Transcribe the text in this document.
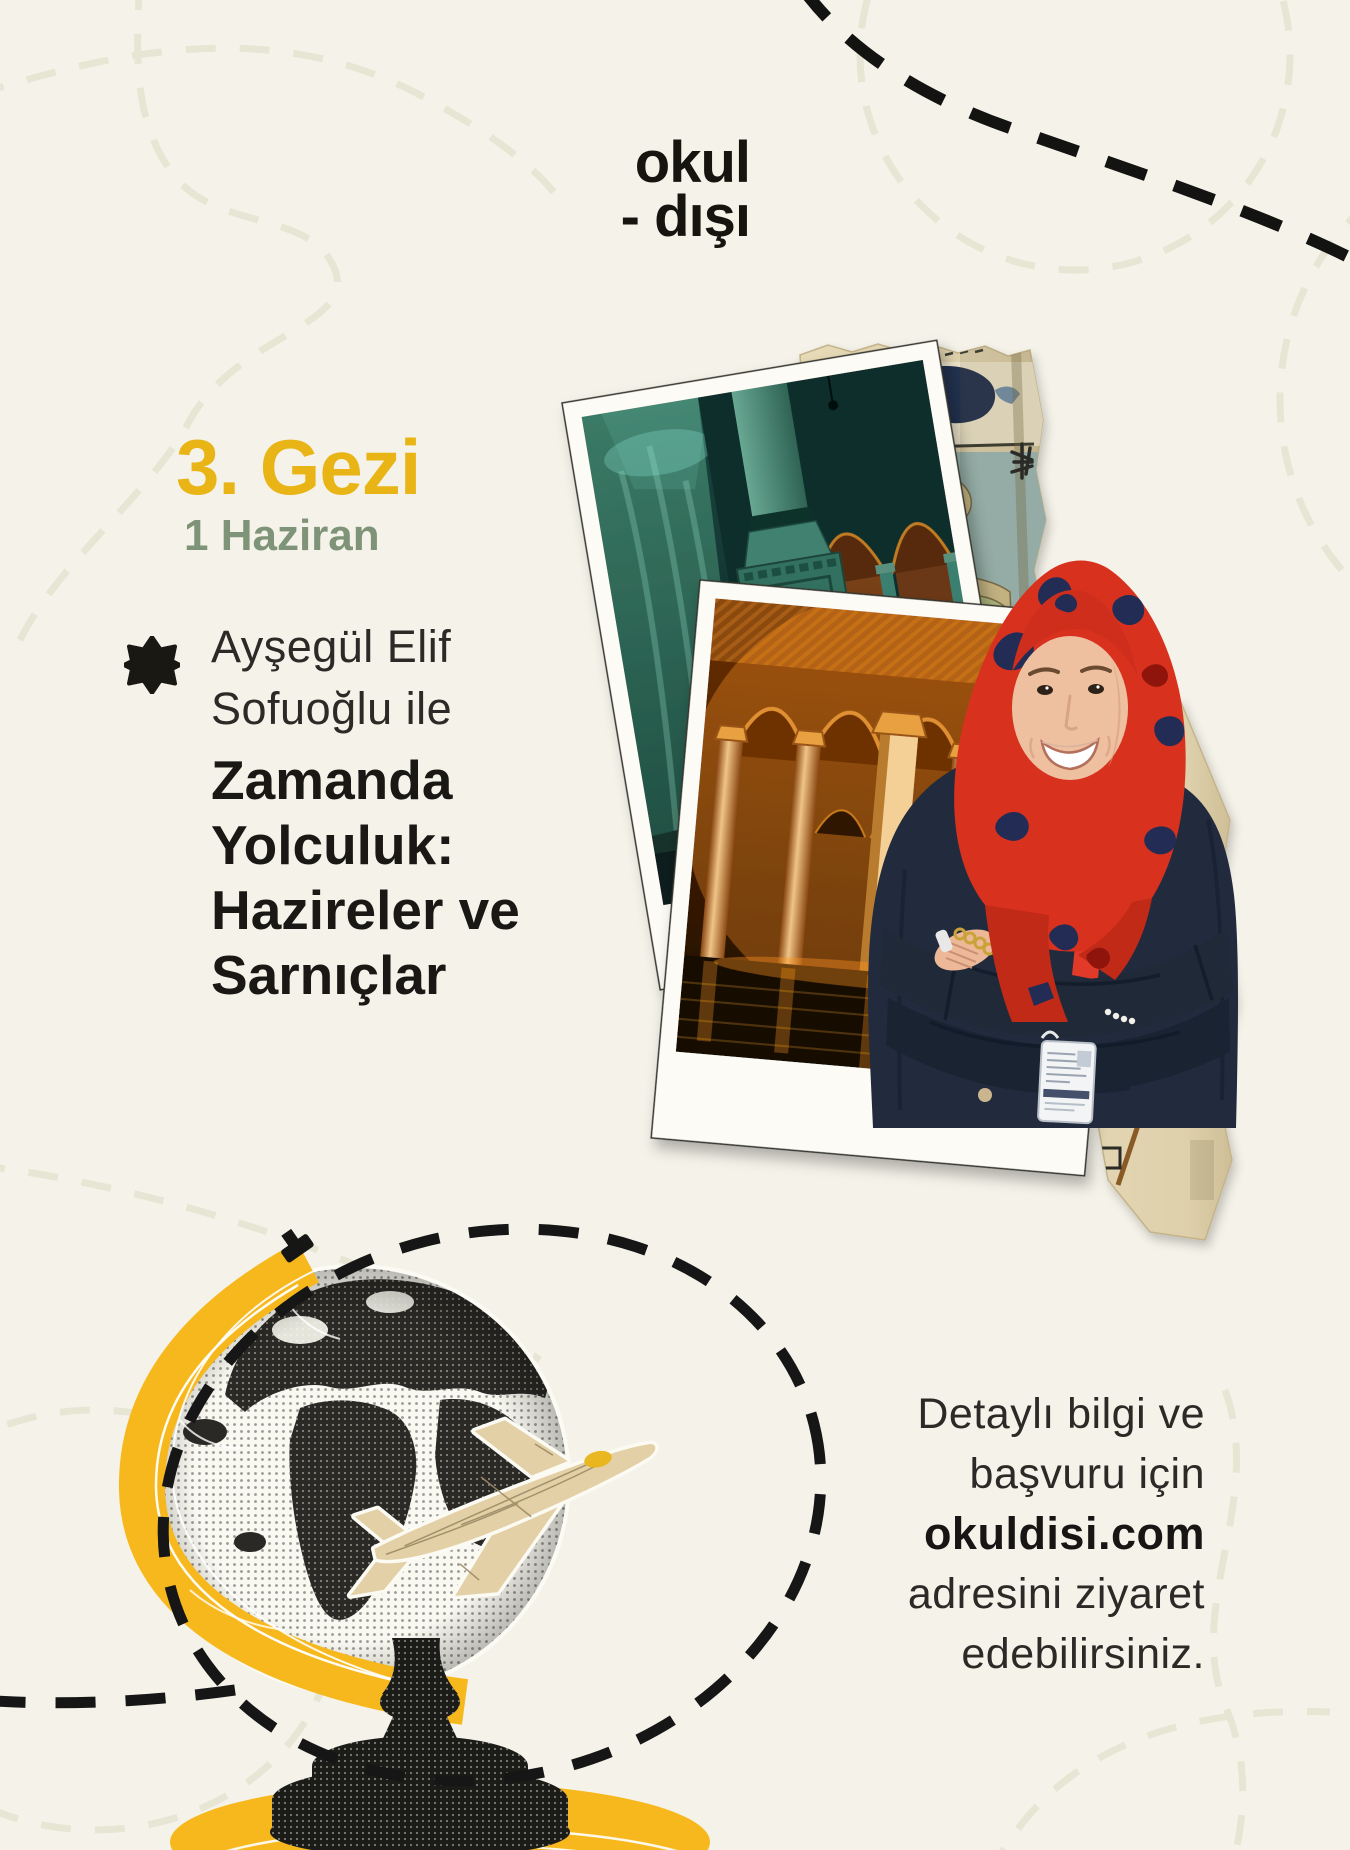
okul
- dışı
3. Gezi
1 Haziran
Ayşegül Elif
Sofuoğlu ile
Zamanda
Yolculuk:
Hazireler ve
Sarnıçlar
Detaylı bilgi ve
başvuru için
okuldisi.com
adresini ziyaret
edebilirsiniz.
